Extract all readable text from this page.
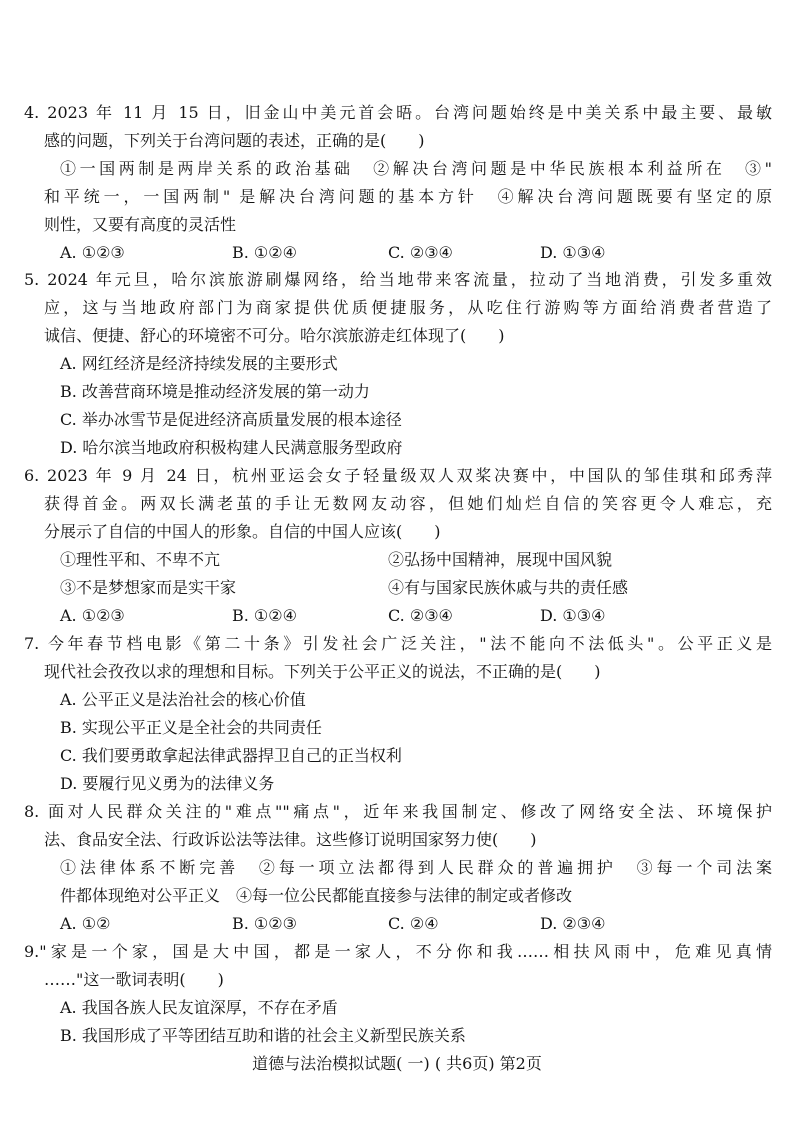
4. 2023 年 11 月 15 日，旧金山中美元首会晤。台湾问题始终是中美关系中最主要、最敏
感的问题，下列关于台湾问题的表述，正确的是(　　)
①一国两制是两岸关系的政治基础　②解决台湾问题是中华民族根本利益所在　③"
和平统一，一国两制" 是解决台湾问题的基本方针　④解决台湾问题既要有坚定的原
则性，又要有高度的灵活性
A. ①②③	B. ①②④	C. ②③④	D. ①③④
5. 2024 年元旦，哈尔滨旅游刷爆网络，给当地带来客流量，拉动了当地消费，引发多重效
应，这与当地政府部门为商家提供优质便捷服务，从吃住行游购等方面给消费者营造了
诚信、便捷、舒心的环境密不可分。哈尔滨旅游走红体现了(　　)
A. 网红经济是经济持续发展的主要形式
B. 改善营商环境是推动经济发展的第一动力
C. 举办冰雪节是促进经济高质量发展的根本途径
D. 哈尔滨当地政府积极构建人民满意服务型政府
6. 2023 年 9 月 24 日，杭州亚运会女子轻量级双人双桨决赛中，中国队的邹佳琪和邱秀萍
获得首金。两双长满老茧的手让无数网友动容，但她们灿烂自信的笑容更令人难忘，充
分展示了自信的中国人的形象。自信的中国人应该(　　)
①理性平和、不卑不亢	②弘扬中国精神，展现中国风貌
③不是梦想家而是实干家	④有与国家民族休戚与共的责任感
A. ①②③	B. ①②④	C. ②③④	D. ①③④
7. 今年春节档电影《第二十条》引发社会广泛关注，"法不能向不法低头"。公平正义是
现代社会孜孜以求的理想和目标。下列关于公平正义的说法，不正确的是(　　)
A. 公平正义是法治社会的核心价值
B. 实现公平正义是全社会的共同责任
C. 我们要勇敢拿起法律武器捍卫自己的正当权利
D. 要履行见义勇为的法律义务
8. 面对人民群众关注的"难点""痛点"，近年来我国制定、修改了网络安全法、环境保护
法、食品安全法、行政诉讼法等法律。这些修订说明国家努力使(　　)
①法律体系不断完善　②每一项立法都得到人民群众的普遍拥护　③每一个司法案
件都体现绝对公平正义　④每一位公民都能直接参与法律的制定或者修改
A. ①②	B. ①②③	C. ②④	D. ②③④
9."家是一个家，国是大中国，都是一家人，不分你和我……相扶风雨中，危难见真情
……"这一歌词表明(　　)
A. 我国各族人民友谊深厚，不存在矛盾
B. 我国形成了平等团结互助和谐的社会主义新型民族关系
道德与法治模拟试题( 一) ( 共6页) 第2页
